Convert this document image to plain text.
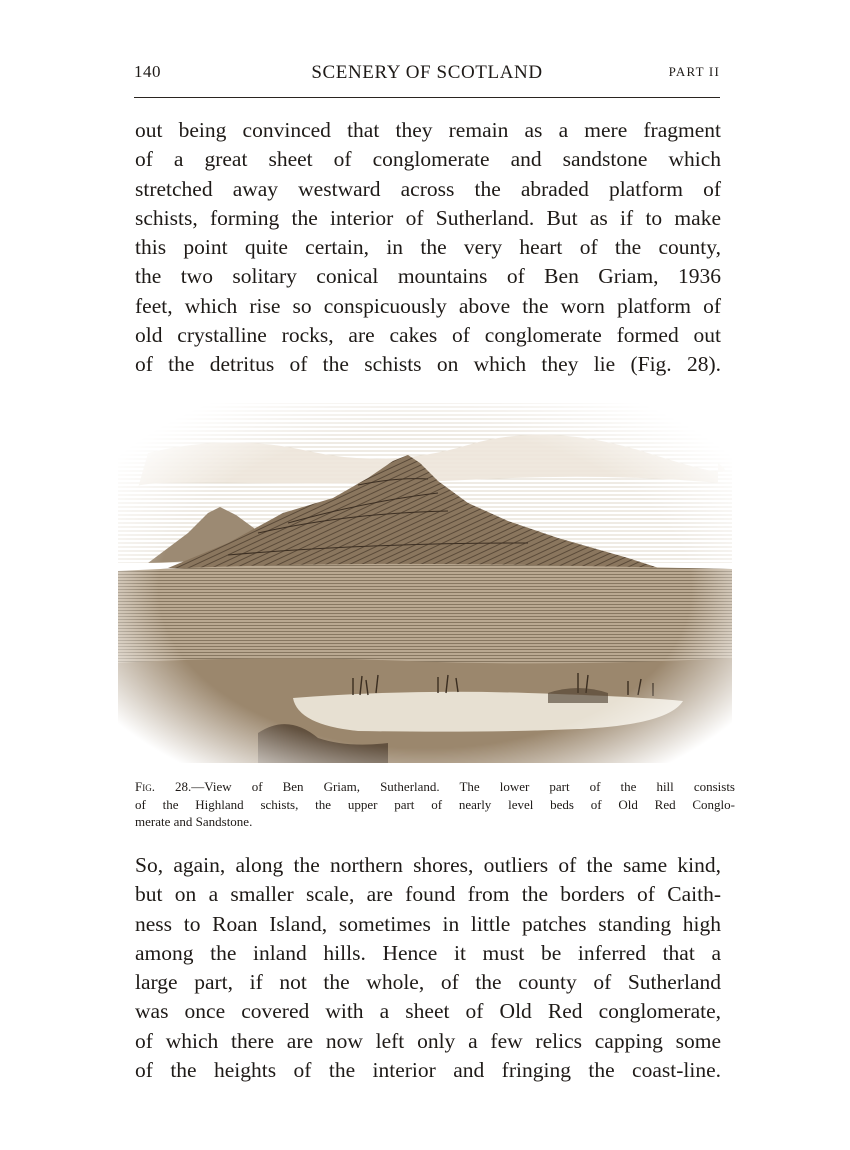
140	SCENERY OF SCOTLAND	PART II
out being convinced that they remain as a mere fragment
of a great sheet of conglomerate and sandstone which
stretched away westward across the abraded platform of
schists, forming the interior of Sutherland. But as if to make
this point quite certain, in the very heart of the county,
the two solitary conical mountains of Ben Griam, 1936
feet, which rise so conspicuously above the worn platform of
old crystalline rocks, are cakes of conglomerate formed out
of the detritus of the schists on which they lie (Fig. 28).
Fig. 28.—View of Ben Griam, Sutherland. The lower part of the hill consists
of the Highland schists, the upper part of nearly level beds of Old Red Conglo-
merate and Sandstone.
So, again, along the northern shores, outliers of the same kind,
but on a smaller scale, are found from the borders of Caith-
ness to Roan Island, sometimes in little patches standing high
among the inland hills. Hence it must be inferred that a
large part, if not the whole, of the county of Sutherland
was once covered with a sheet of Old Red conglomerate,
of which there are now left only a few relics capping some
of the heights of the interior and fringing the coast-line.
